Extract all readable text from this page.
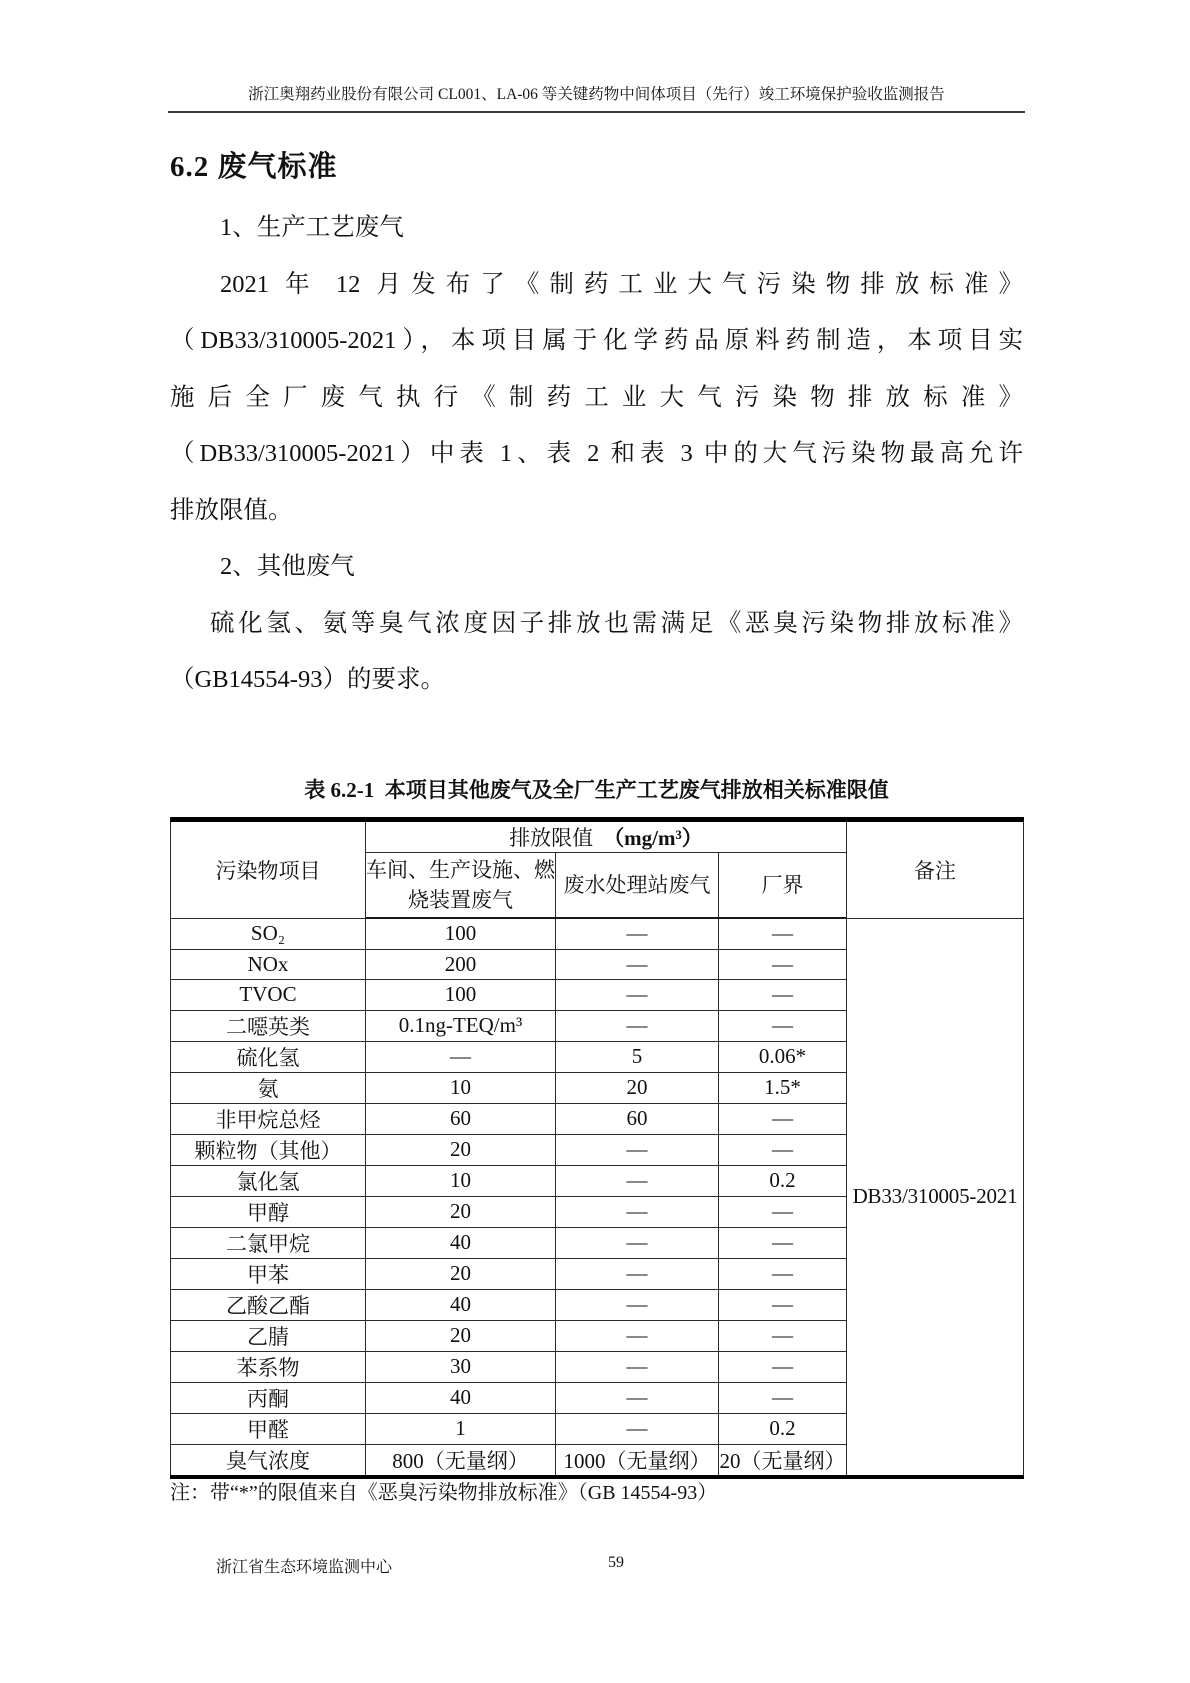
浙江奥翔药业股份有限公司 CL001、LA-06 等关键药物中间体项目（先行）竣工环境保护验收监测报告
6.2 废气标准
1、生产工艺废气
2021 年 12 月发布了《制药工业大气污染物排放标准》
（DB33/310005-2021），本项目属于化学药品原料药制造，本项目实
施后全厂废气执行《制药工业大气污染物排放标准》
（DB33/310005-2021）中表 1、表 2 和表 3 中的大气污染物最高允许
排放限值。
2、其他废气
硫化氢、氨等臭气浓度因子排放也需满足《恶臭污染物排放标准》
（GB14554-93）的要求。
表 6.2-1  本项目其他废气及全厂生产工艺废气排放相关标准限值
污染物项目	排放限值 （mg/m³）			备注
	车间、生产设施、燃烧装置废气	废水处理站废气	厂界	
SO₂	100	—	—	DB33/310005-2021
NOx	200	—	—	
TVOC	100	—	—	
二噁英类	0.1ng-TEQ/m³	—	—	
硫化氢	—	5	0.06*	
氨	10	20	1.5*	
非甲烷总烃	60	60	—	
颗粒物（其他）	20	—	—	
氯化氢	10	—	0.2	
甲醇	20	—	—	
二氯甲烷	40	—	—	
甲苯	20	—	—	
乙酸乙酯	40	—	—	
乙腈	20	—	—	
苯系物	30	—	—	
丙酮	40	—	—	
甲醛	1	—	0.2	
臭气浓度	800（无量纲）	1000（无量纲）	20（无量纲）	
注：带“*”的限值来自《恶臭污染物排放标准》（GB 14554-93）
浙江省生态环境监测中心	59
